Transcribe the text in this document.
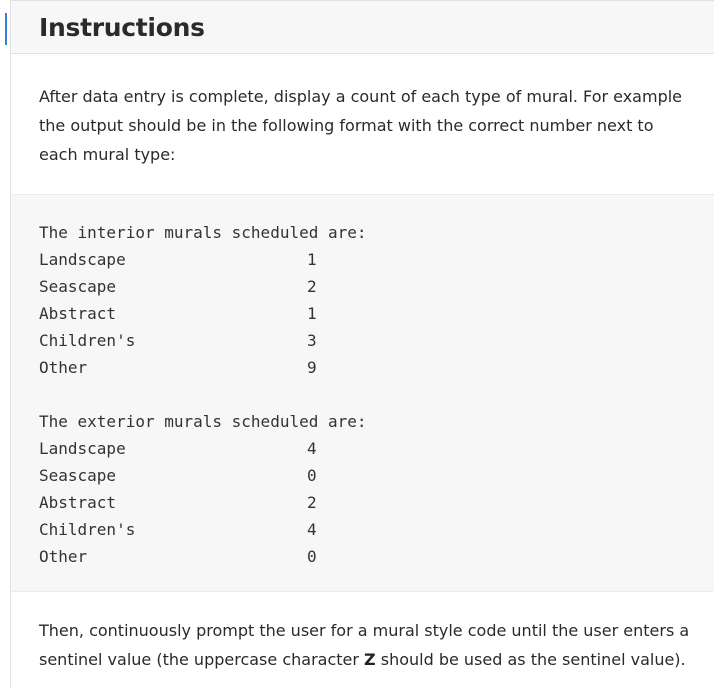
Instructions

After data entry is complete, display a count of each type of mural. For example the output should be in the following format with the correct number next to each mural type:

The interior murals scheduled are:
Landscape	1
Seascape	2
Abstract	1
Children's	3
Other	9
The exterior murals scheduled are:
Landscape	4
Seascape	0
Abstract	2
Children's	4
Other	0
Then, continuously prompt the user for a mural style code until the user enters a sentinel value (the uppercase character Z should be used as the sentinel value).
